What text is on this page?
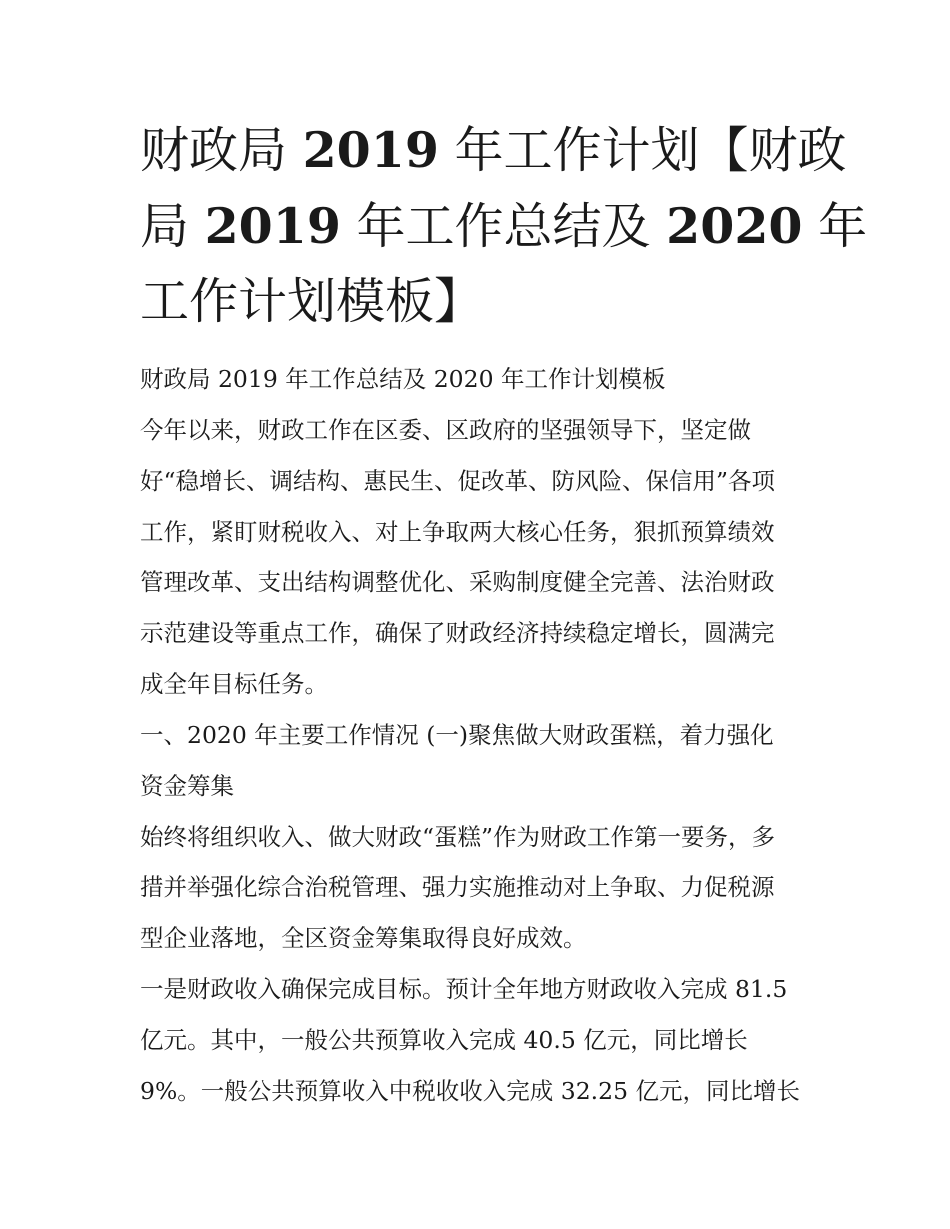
财政局 2019 年工作计划【财政
局 2019 年工作总结及 2020 年
工作计划模板】
财政局 2019 年工作总结及 2020 年工作计划模板
今年以来，财政工作在区委、区政府的坚强领导下，坚定做
好“稳增长、调结构、惠民生、促改革、防风险、保信用”各项
工作，紧盯财税收入、对上争取两大核心任务，狠抓预算绩效
管理改革、支出结构调整优化、采购制度健全完善、法治财政
示范建设等重点工作，确保了财政经济持续稳定增长，圆满完
成全年目标任务。
一、2020 年主要工作情况 (一)聚焦做大财政蛋糕，着力强化
资金筹集
始终将组织收入、做大财政“蛋糕”作为财政工作第一要务，多
措并举强化综合治税管理、强力实施推动对上争取、力促税源
型企业落地，全区资金筹集取得良好成效。
一是财政收入确保完成目标。预计全年地方财政收入完成 81.5
亿元。其中，一般公共预算收入完成 40.5 亿元，同比增长
9%。一般公共预算收入中税收收入完成 32.25 亿元，同比增长
